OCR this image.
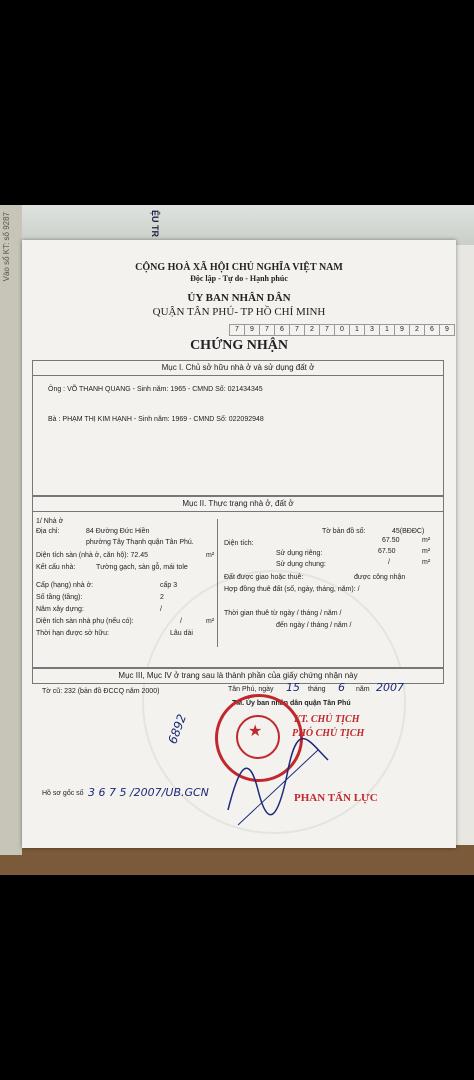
Vào sổ KT: số 9287	ỆU TR
CỘNG HOÀ XÃ HỘI CHỦ NGHĨA VIỆT NAM
Độc lập - Tự do - Hạnh phúc
ỦY BAN NHÂN DÂN
QUẬN TÂN PHÚ- TP HỒ CHÍ MINH
7	9	7	6	7	2	7	0	1	3	1	9	2	6	9
CHỨNG NHẬN
Mục I. Chủ sở hữu nhà ở và sử dụng đất ở
Ông : VÕ THANH QUANG - Sinh năm: 1965 - CMND Số: 021434345
Bà : PHẠM THỊ KIM HẠNH - Sinh năm: 1969 - CMND Số: 022092948
Mục II. Thực trạng nhà ở, đất ở
1/ Nhà ở
Địa chỉ:	84 Đường Đức Hiền
phường Tây Thạnh quận Tân Phú.
Diện tích sàn (nhà ở, căn hộ): 72.45	m²
Kết cấu nhà:	Tường gạch, sàn gỗ, mái tole
Cấp (hạng) nhà ở:	cấp 3
Số tầng (tầng):	2
Năm xây dựng:	/
Diện tích sàn nhà phụ (nếu có):	/	m²
Thời hạn được sở hữu:	Lâu dài
Tờ bản đồ số:	45(BĐĐC)
Diện tích:	67.50	m²
Sử dụng riêng:	67.50	m²
Sử dụng chung:	/	m²
Đất được giao hoặc thuê:	được công nhận
Hợp đồng thuê đất (số, ngày, tháng, năm): /
Thời gian thuê từ ngày / tháng / năm /
đến ngày / tháng / năm /
Mục III, Mục IV ở trang sau là thành phần của giấy chứng nhận này
Tờ cũ: 232 (bản đồ ĐCCQ năm 2000)	Tân Phú, ngày 15 tháng 6 năm 2007
TM. Ủy ban nhân dân quận Tân Phú
KT. CHỦ TỊCH
PHÓ CHỦ TỊCH
★
PHAN TẤN LỰC
6892
Hồ sơ gốc số 3 6 7 5 /2007/UB.GCN
